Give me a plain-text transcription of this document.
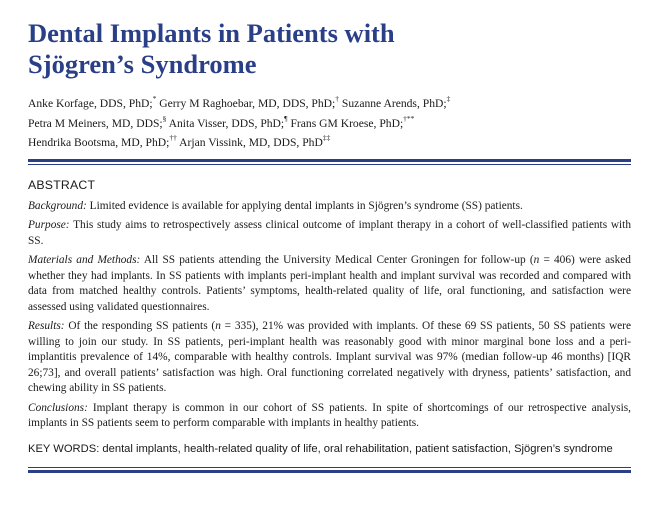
Dental Implants in Patients with
Sjögren’s Syndrome
Anke Korfage, DDS, PhD;* Gerry M Raghoebar, MD, DDS, PhD;† Suzanne Arends, PhD;‡
Petra M Meiners, MD, DDS;§ Anita Visser, DDS, PhD;¶ Frans GM Kroese, PhD;†**
Hendrika Bootsma, MD, PhD;†† Arjan Vissink, MD, DDS, PhD‡‡
ABSTRACT

Background: Limited evidence is available for applying dental implants in Sjögren’s syndrome (SS) patients.

Purpose: This study aims to retrospectively assess clinical outcome of implant therapy in a cohort of well-classified patients with SS.

Materials and Methods: All SS patients attending the University Medical Center Groningen for follow-up (n = 406) were asked whether they had implants. In SS patients with implants peri-implant health and implant survival was recorded and compared with data from matched healthy controls. Patients’ symptoms, health-related quality of life, oral functioning, and satisfaction were assessed using validated questionnaires.

Results: Of the responding SS patients (n = 335), 21% was provided with implants. Of these 69 SS patients, 50 SS patients were willing to join our study. In SS patients, peri-implant health was reasonably good with minor marginal bone loss and a peri-implantitis prevalence of 14%, comparable with healthy controls. Implant survival was 97% (median follow-up 46 months) [IQR 26;73], and overall patients’ satisfaction was high. Oral functioning correlated negatively with dryness, patients’ satisfaction, and chewing ability in SS patients.

Conclusions: Implant therapy is common in our cohort of SS patients. In spite of shortcomings of our retrospective analysis, implants in SS patients seem to perform comparable with implants in healthy patients.

KEY WORDS: dental implants, health-related quality of life, oral rehabilitation, patient satisfaction, Sjögren’s syndrome
